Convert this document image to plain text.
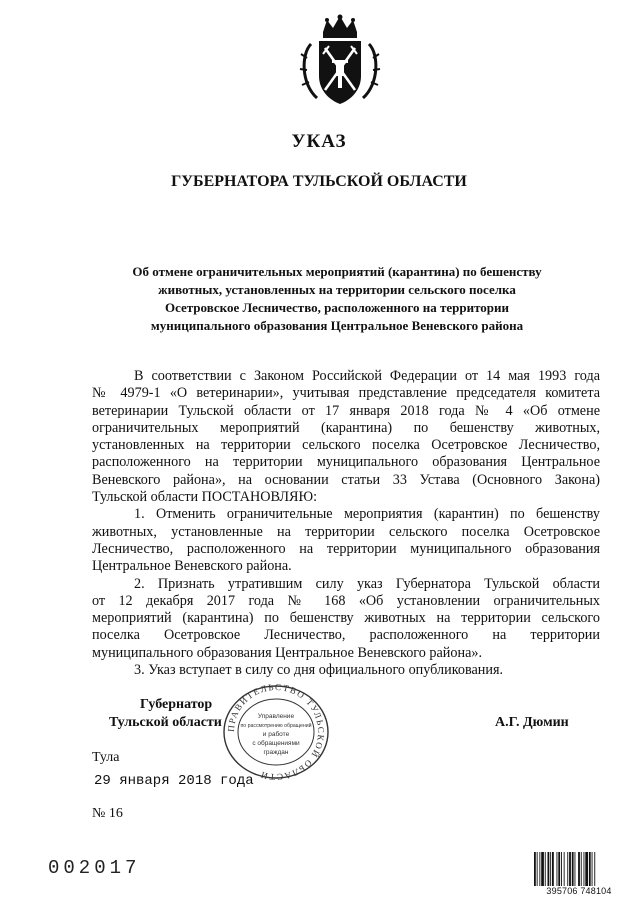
УКАЗ
ГУБЕРНАТОРА ТУЛЬСКОЙ ОБЛАСТИ
Об отмене ограничительных мероприятий (карантина) по бешенству
животных, установленных на территории сельского поселка
Осетровское Лесничество, расположенного на территории
муниципального образования Центральное Веневского района
В соответствии с Законом Российской Федерации от 14 мая 1993 года
№ 4979-1 «О ветеринарии», учитывая представление председателя комитета
ветеринарии Тульской области от 17 января 2018 года № 4 «Об отмене
ограничительных мероприятий (карантина) по бешенству животных,
установленных на территории сельского поселка Осетровское Лесничество,
расположенного на территории муниципального образования Центральное
Веневского района», на основании статьи 33 Устава (Основного Закона)
Тульской области ПОСТАНОВЛЯЮ:
1. Отменить ограничительные мероприятия (карантин) по бешенству
животных, установленные на территории сельского поселка Осетровское
Лесничество, расположенного на территории муниципального образования
Центральное Веневского района.
2. Признать утратившим силу указ Губернатора Тульской области
от 12 декабря 2017 года № 168 «Об установлении ограничительных
мероприятий (карантина) по бешенству животных на территории сельского
поселка Осетровское Лесничество, расположенного на территории
муниципального образования Центральное Веневского района».
3. Указ вступает в силу со дня официального опубликования.
ПРАВИТЕЛЬСТВО ТУЛЬСКОЙ ОБЛАСТИ
Управление
по рассмотрению обращений
и работе
с обращениями
граждан
Губернатор
Тульской области	А.Г. Дюмин
Тула
29 января 2018 года
№ 16
002017
395706 748104
